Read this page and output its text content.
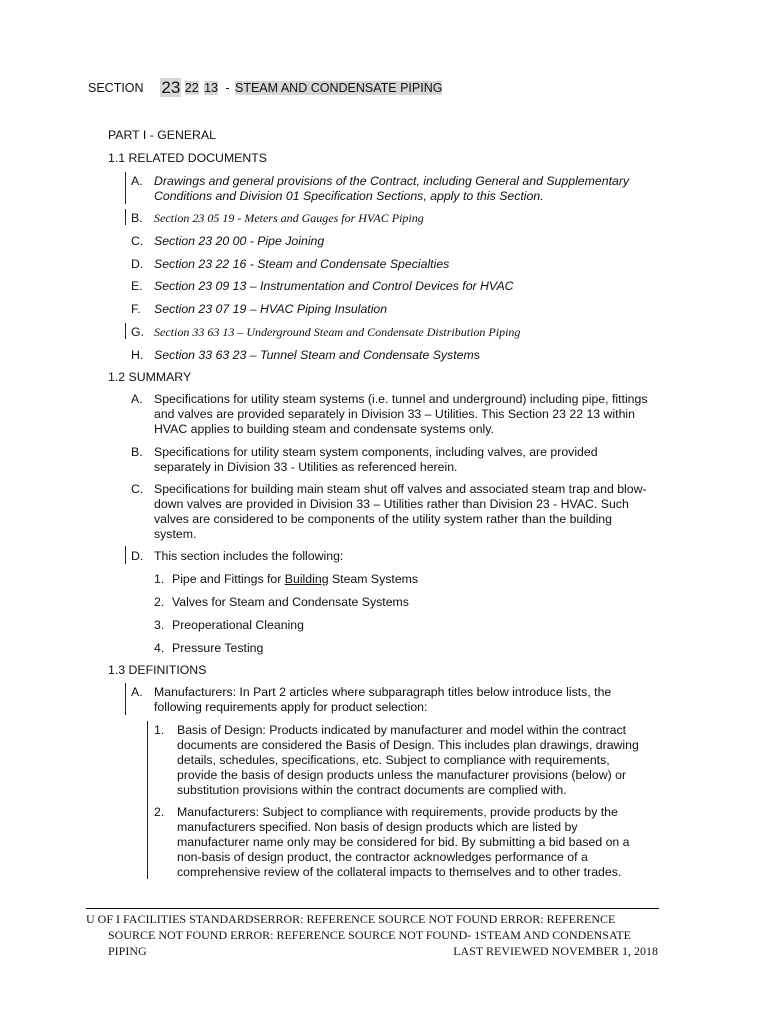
SECTION 23 22 13 - STEAM AND CONDENSATE PIPING
PART I - GENERAL
1.1 RELATED DOCUMENTS
A. Drawings and general provisions of the Contract, including General and Supplementary
Conditions and Division 01 Specification Sections, apply to this Section.
B. Section 23 05 19 - Meters and Gauges for HVAC Piping
C. Section 23 20 00 - Pipe Joining
D. Section 23 22 16 - Steam and Condensate Specialties
E. Section 23 09 13 – Instrumentation and Control Devices for HVAC
F. Section 23 07 19 – HVAC Piping Insulation
G. Section 33 63 13 – Underground Steam and Condensate Distribution Piping
H. Section 33 63 23 – Tunnel Steam and Condensate Systems
1.2 SUMMARY
A. Specifications for utility steam systems (i.e. tunnel and underground) including pipe, fittings
and valves are provided separately in Division 33 – Utilities. This Section 23 22 13 within
HVAC applies to building steam and condensate systems only.
B. Specifications for utility steam system components, including valves, are provided
separately in Division 33 - Utilities as referenced herein.
C. Specifications for building main steam shut off valves and associated steam trap and blow-
down valves are provided in Division 33 – Utilities rather than Division 23 - HVAC. Such
valves are considered to be components of the utility system rather than the building
system.
D. This section includes the following:
1. Pipe and Fittings for Building Steam Systems
2. Valves for Steam and Condensate Systems
3. Preoperational Cleaning
4. Pressure Testing
1.3 DEFINITIONS
A. Manufacturers: In Part 2 articles where subparagraph titles below introduce lists, the
following requirements apply for product selection:
1. Basis of Design: Products indicated by manufacturer and model within the contract
documents are considered the Basis of Design. This includes plan drawings, drawing
details, schedules, specifications, etc. Subject to compliance with requirements,
provide the basis of design products unless the manufacturer provisions (below) or
substitution provisions within the contract documents are complied with.
2. Manufacturers: Subject to compliance with requirements, provide products by the
manufacturers specified. Non basis of design products which are listed by
manufacturer name only may be considered for bid. By submitting a bid based on a
non-basis of design product, the contractor acknowledges performance of a
comprehensive review of the collateral impacts to themselves and to other trades.
U OF I FACILITIES STANDARDSERROR: REFERENCE SOURCE NOT FOUND ERROR: REFERENCE
SOURCE NOT FOUND ERROR: REFERENCE SOURCE NOT FOUND- 1STEAM AND CONDENSATE
PIPING	LAST REVIEWED NOVEMBER 1, 2018
